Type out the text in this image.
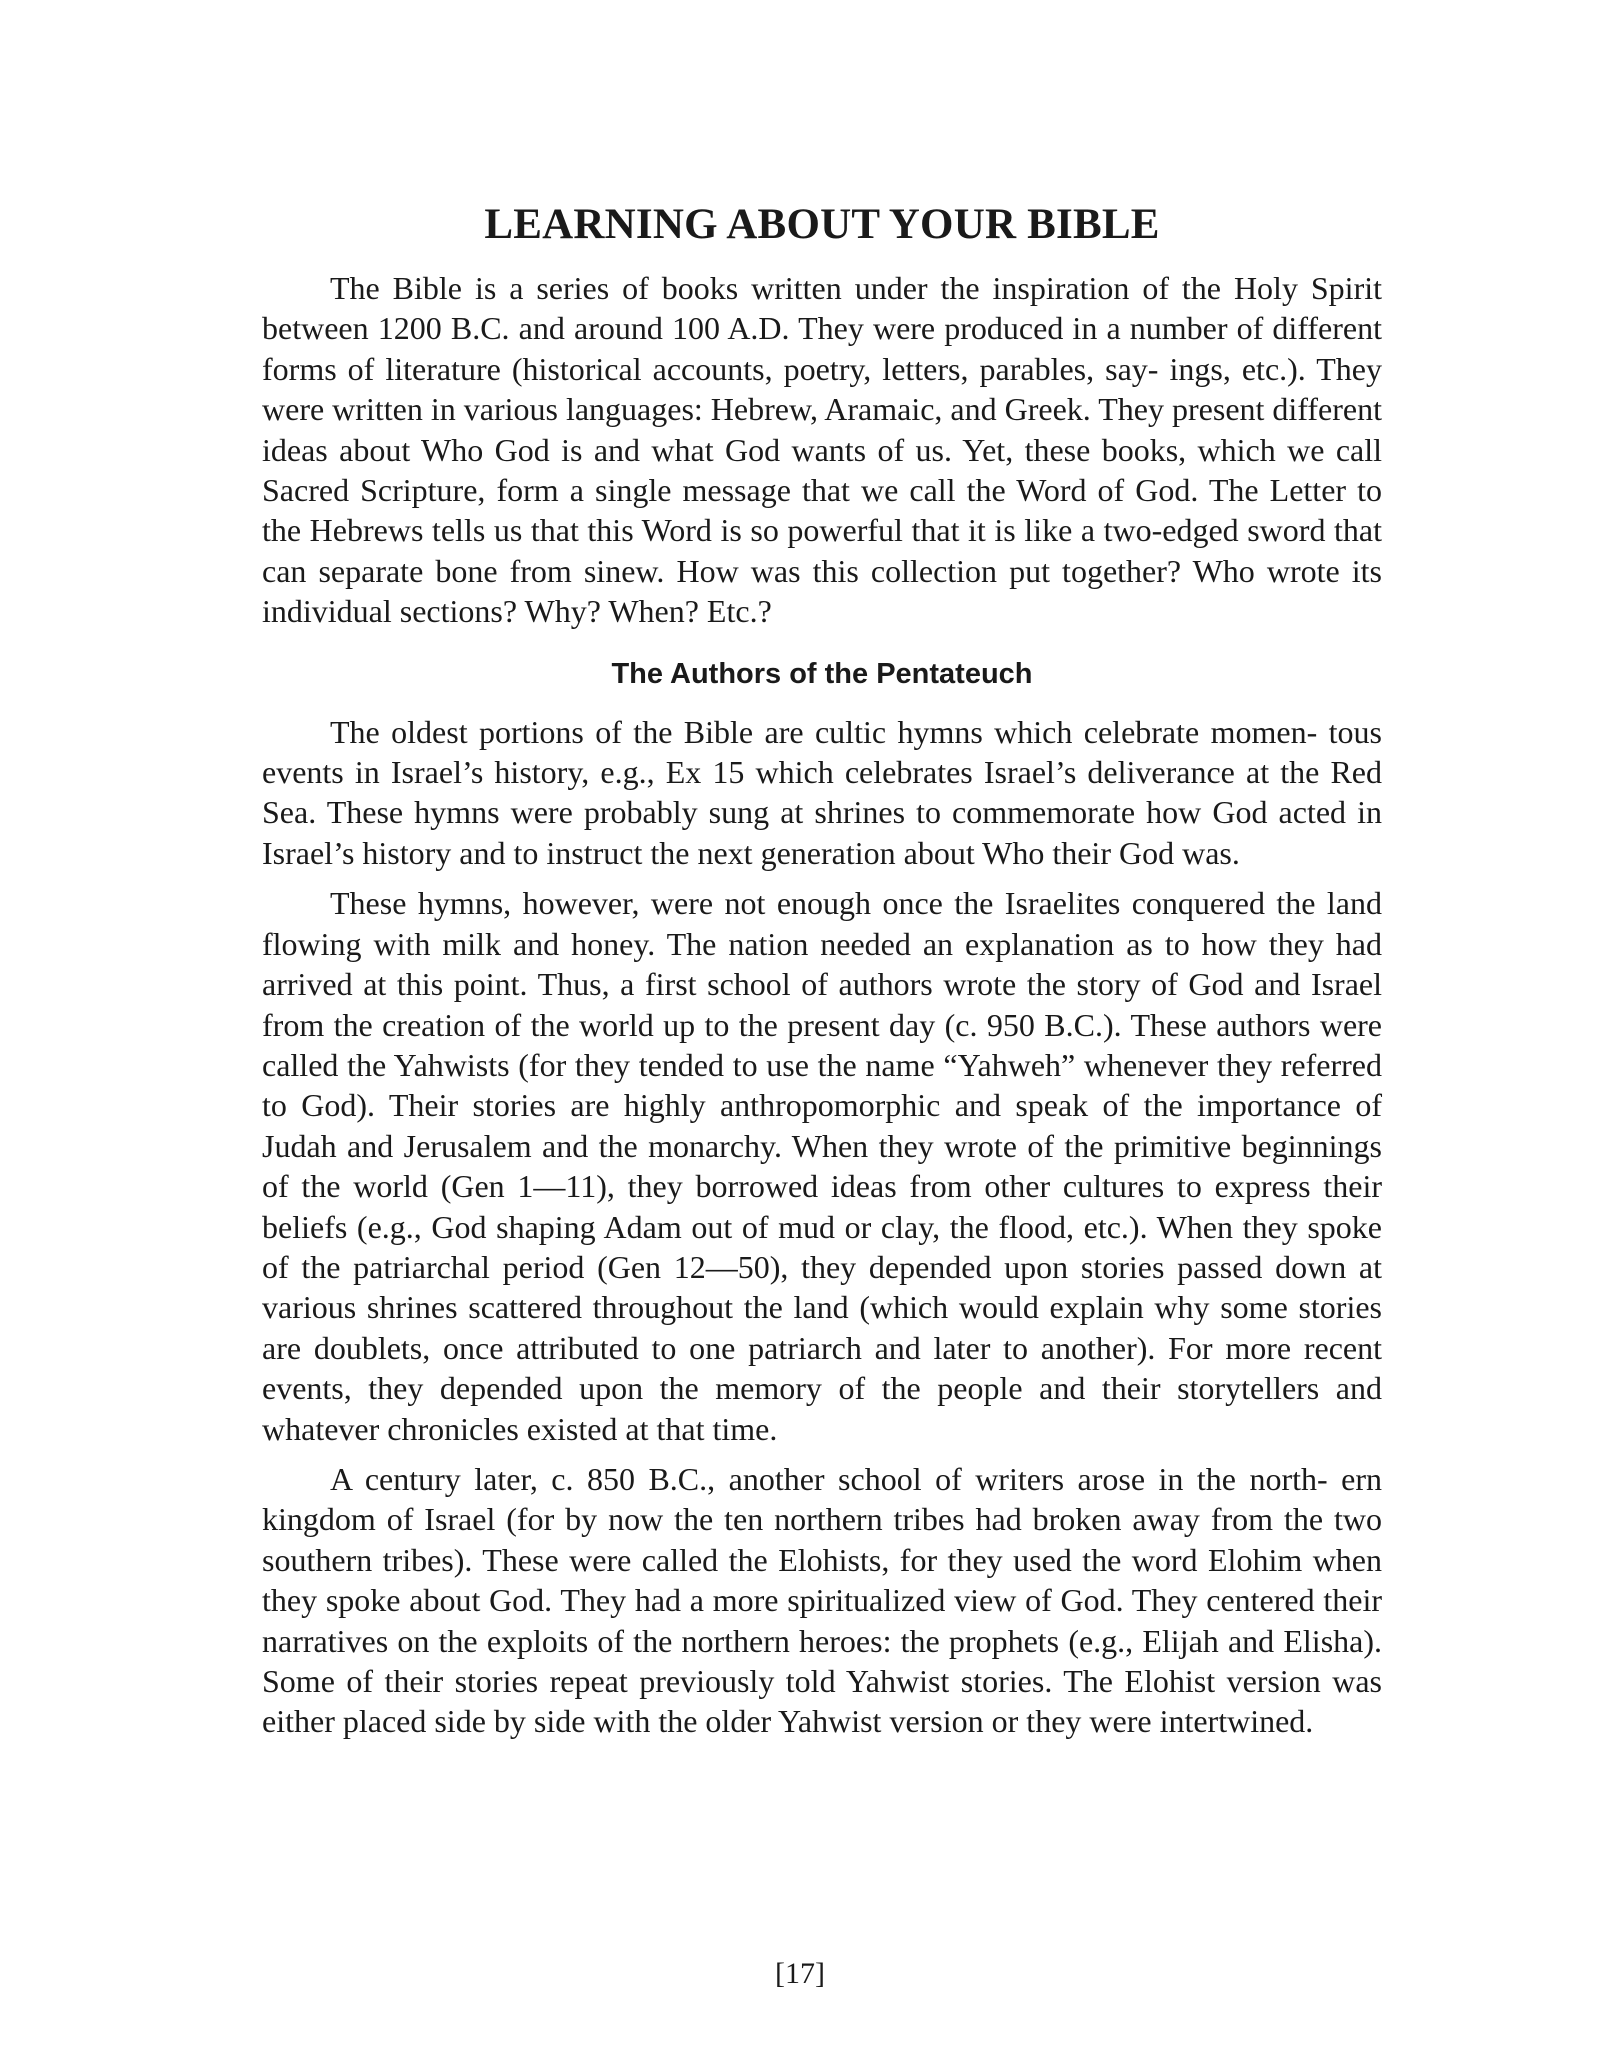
LEARNING ABOUT YOUR BIBLE

The Bible is a series of books written under the inspiration of the Holy Spirit between 1200 B.C. and around 100 A.D. They were produced in a number of different forms of literature (historical accounts, poetry, letters, parables, say- ings, etc.). They were written in various languages: Hebrew, Aramaic, and Greek. They present different ideas about Who God is and what God wants of us. Yet, these books, which we call Sacred Scripture, form a single message that we call the Word of God. The Letter to the Hebrews tells us that this Word is so powerful that it is like a two-edged sword that can separate bone from sinew. How was this collection put together? Who wrote its individual sections? Why? When? Etc.?

The Authors of the Pentateuch

The oldest portions of the Bible are cultic hymns which celebrate momen- tous events in Israel’s history, e.g., Ex 15 which celebrates Israel’s deliverance at the Red Sea. These hymns were probably sung at shrines to commemorate how God acted in Israel’s history and to instruct the next generation about Who their God was.

These hymns, however, were not enough once the Israelites conquered the land flowing with milk and honey. The nation needed an explanation as to how they had arrived at this point. Thus, a first school of authors wrote the story of God and Israel from the creation of the world up to the present day (c. 950 B.C.). These authors were called the Yahwists (for they tended to use the name “Yahweh” whenever they referred to God). Their stories are highly anthropomorphic and speak of the importance of Judah and Jerusalem and the monarchy. When they wrote of the primitive beginnings of the world (Gen 1—11), they borrowed ideas from other cultures to express their beliefs (e.g., God shaping Adam out of mud or clay, the flood, etc.). When they spoke of the patriarchal period (Gen 12—50), they depended upon stories passed down at various shrines scattered throughout the land (which would explain why some stories are doublets, once attributed to one patriarch and later to another). For more recent events, they depended upon the memory of the people and their storytellers and whatever chronicles existed at that time.

A century later, c. 850 B.C., another school of writers arose in the north- ern kingdom of Israel (for by now the ten northern tribes had broken away from the two southern tribes). These were called the Elohists, for they used the word Elohim when they spoke about God. They had a more spiritualized view of God. They centered their narratives on the exploits of the northern heroes: the prophets (e.g., Elijah and Elisha). Some of their stories repeat previously told Yahwist stories. The Elohist version was either placed side by side with the older Yahwist version or they were intertwined.

[17]
